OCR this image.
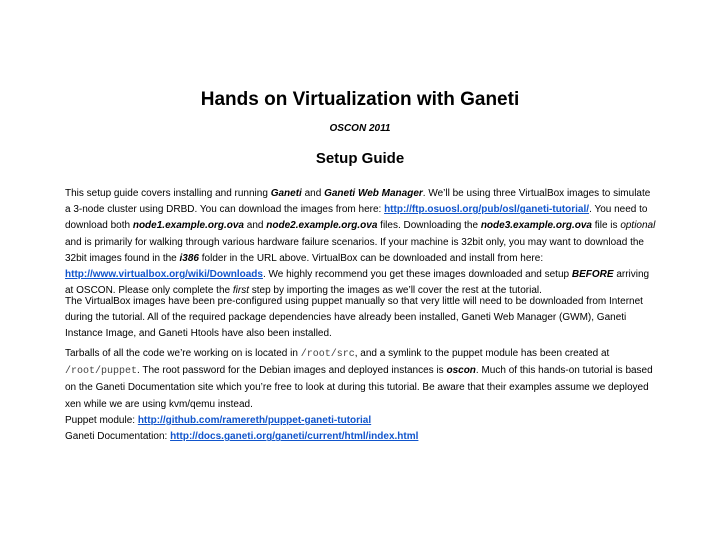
Hands on Virtualization with Ganeti
OSCON 2011
Setup Guide

This setup guide covers installing and running Ganeti and Ganeti Web Manager. We’ll be using three VirtualBox images to simulate a 3-node cluster using DRBD. You can download the images from here: http://ftp.osuosl.org/pub/osl/ganeti-tutorial/. You need to download both node1.example.org.ova and node2.example.org.ova files. Downloading the node3.example.org.ova file is optional and is primarily for walking through various hardware failure scenarios. If your machine is 32bit only, you may want to download the 32bit images found in the i386 folder in the URL above. VirtualBox can be downloaded and install from here: http://www.virtualbox.org/wiki/Downloads. We highly recommend you get these images downloaded and setup BEFORE arriving at OSCON. Please only complete the first step by importing the images as we’ll cover the rest at the tutorial.

The VirtualBox images have been pre-configured using puppet manually so that very little will need to be downloaded from Internet during the tutorial. All of the required package dependencies have already been installed, Ganeti Web Manager (GWM), Ganeti Instance Image, and Ganeti Htools have also been installed.

Tarballs of all the code we’re working on is located in /root/src, and a symlink to the puppet module has been created at /root/puppet. The root password for the Debian images and deployed instances is oscon. Much of this hands-on tutorial is based on the Ganeti Documentation site which you’re free to look at during this tutorial. Be aware that their examples assume we deployed xen while we are using kvm/qemu instead.

Puppet module: http://github.com/ramereth/puppet-ganeti-tutorial
Ganeti Documentation: http://docs.ganeti.org/ganeti/current/html/index.html
